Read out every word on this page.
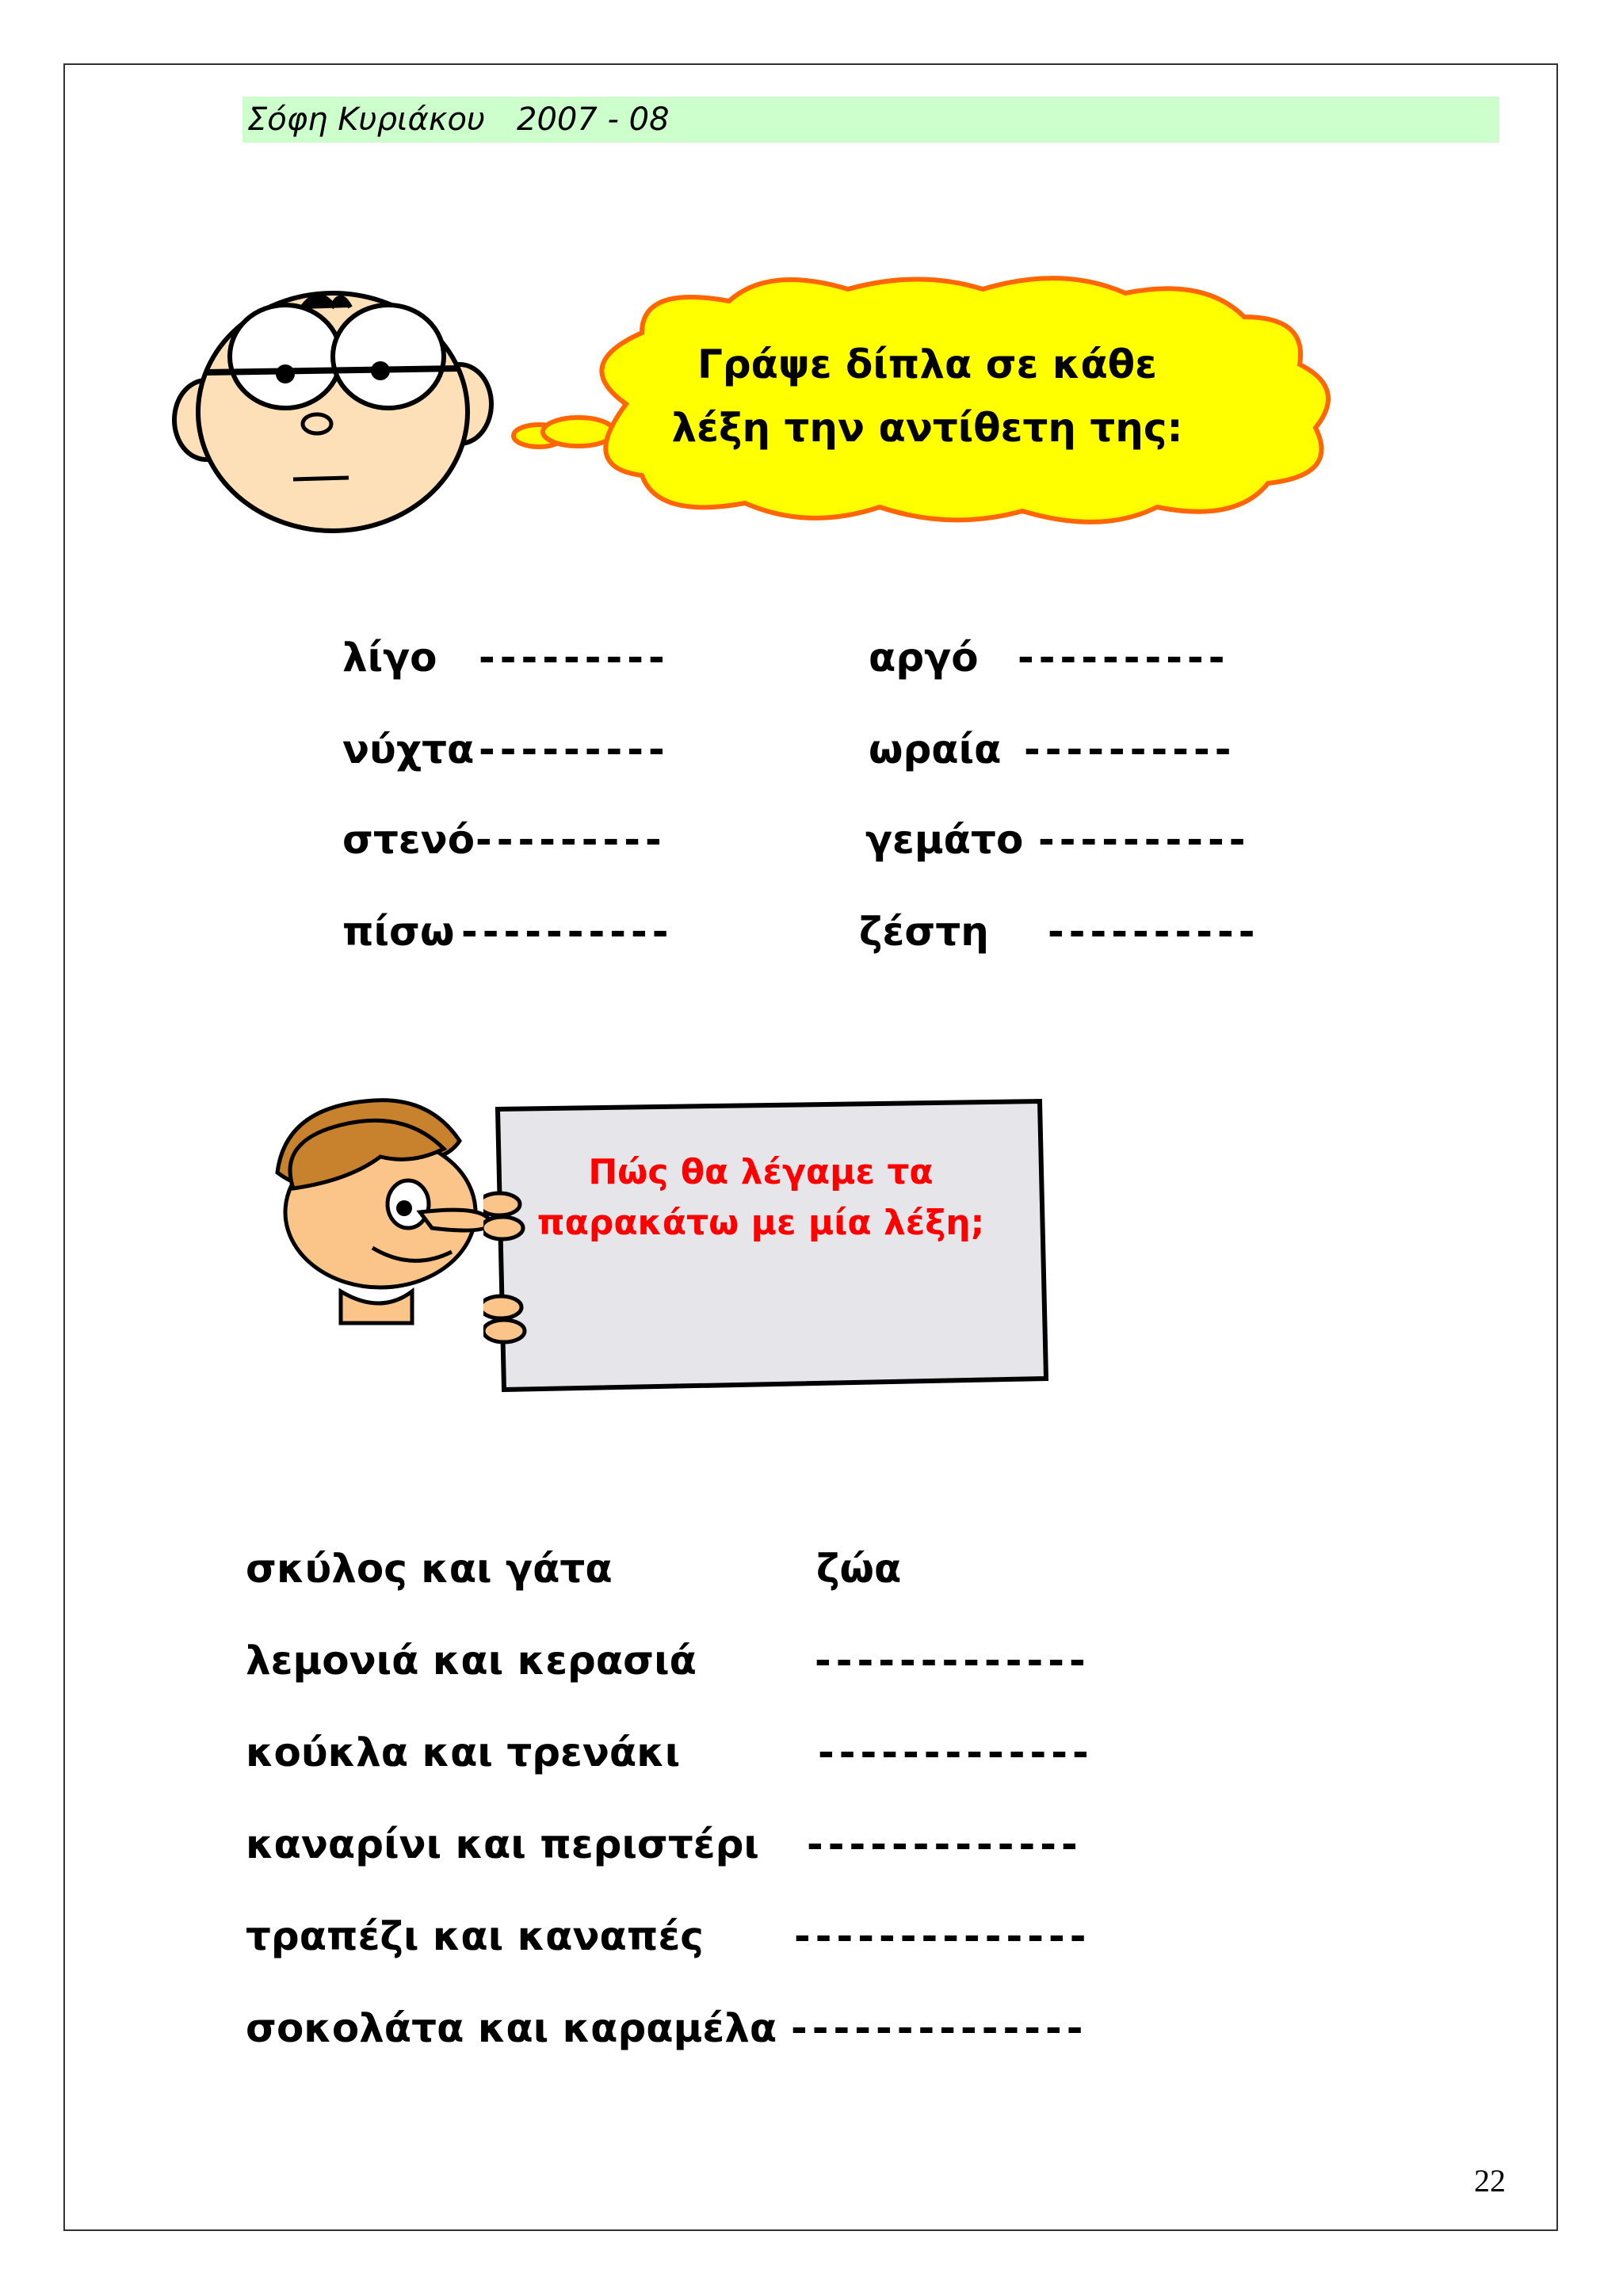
Σόφη Κυριάκου 2007 - 08
Γράψε δίπλα σε κάθε
λέξη την αντίθετη της:
λίγο ---------	αργό ----------
νύχτα ---------	ωραία ----------
στενό ---------	γεμάτο ----------
πίσω ----------	ζέστη ----------
Πώς θα λέγαμε τα
παρακάτω με μία λέξη;
σκύλος και γάτα	ζώα
λεμονιά και κερασιά	-------------
κούκλα και τρενάκι	-------------
καναρίνι και περιστέρι -------------
τραπέζι και καναπές --------------
σοκολάτα και καραμέλα --------------
22
